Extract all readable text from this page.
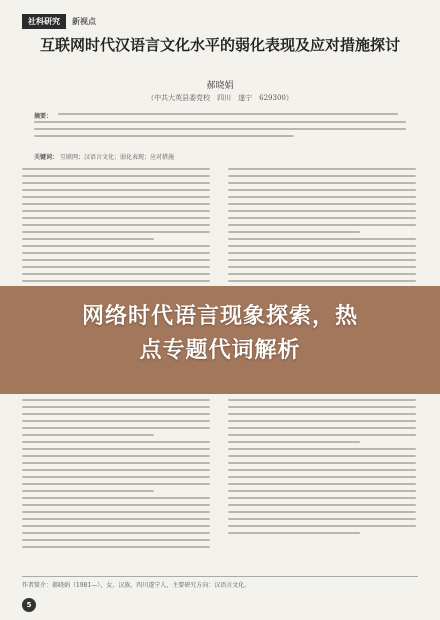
社科研究	新视点
互联网时代汉语言文化水平的弱化表现及应对措施探讨
郝晓娟
（中共大英县委党校　四川　遂宁　629300）
摘要：
关键词： 互联网；汉语言文化；弱化表现；应对措施
网络时代语言现象探索，热
点专题代词解析
作者简介：郝晓娟（1981—），女，汉族，四川遂宁人，主要研究方向：汉语言文化。
5
